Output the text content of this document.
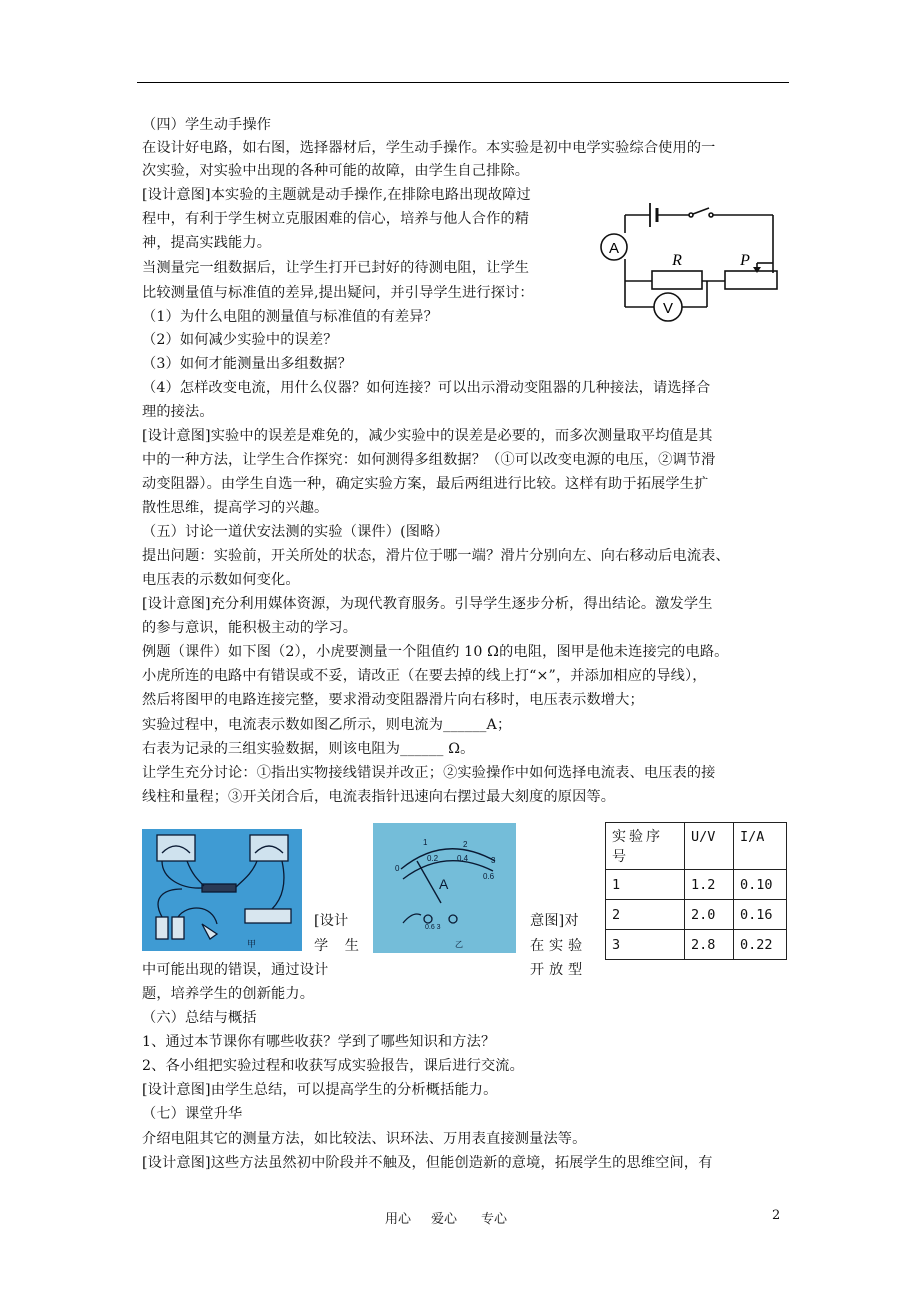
（四）学生动手操作
在设计好电路，如右图，选择器材后，学生动手操作。本实验是初中电学实验综合使用的一
次实验，对实验中出现的各种可能的故障，由学生自己排除。
[设计意图]本实验的主题就是动手操作,在排除电路出现故障过
程中，有利于学生树立克服困难的信心，培养与他人合作的精
神，提高实践能力。
当测量完一组数据后，让学生打开已封好的待测电阻，让学生
比较测量值与标准值的差异,提出疑问，并引导学生进行探讨：
（1）为什么电阻的测量值与标准值的有差异？
（2）如何减少实验中的误差？
（3）如何才能测量出多组数据？
（4）怎样改变电流，用什么仪器？如何连接？可以出示滑动变阻器的几种接法，请选择合
理的接法。
[设计意图]实验中的误差是难免的，减少实验中的误差是必要的，而多次测量取平均值是其
中的一种方法，让学生合作探究：如何测得多组数据？（①可以改变电源的电压，②调节滑
动变阻器）。由学生自选一种，确定实验方案，最后两组进行比较。这样有助于拓展学生扩
散性思维，提高学习的兴趣。
（五）讨论一道伏安法测的实验（课件）(图略）
提出问题：实验前，开关所处的状态，滑片位于哪一端？滑片分别向左、向右移动后电流表、
电压表的示数如何变化。
[设计意图]充分利用媒体资源，为现代教育服务。引导学生逐步分析，得出结论。激发学生
的参与意识，能积极主动的学习。
例题（课件）如下图（2），小虎要测量一个阻值约 10 Ω的电阻，图甲是他未连接完的电路。
小虎所连的电路中有错误或不妥，请改正（在要去掉的线上打“×”，并添加相应的导线），
然后将图甲的电路连接完整，要求滑动变阻器滑片向右移时，电压表示数增大；
实验过程中，电流表示数如图乙所示，则电流为______A；
右表为记录的三组实验数据，则该电阻为______ Ω。
让学生充分讨论：①指出实物接线错误并改正；②实验操作中如何选择电流表、电压表的接
线柱和量程；③开关闭合后，电流表指针迅速向右摆过最大刻度的原因等。
A
V
R	P
甲
0
0.2 0.4
0.6
1	2
3
A
0.6 3
乙
[设计
学 生
意图]对
在 实 验
开 放 型
中可能出现的错误，通过设计
题，培养学生的创新能力。
实验序号	U/V	I/A
1	1.2	0.10
2	2.0	0.16
3	2.8	0.22
（六）总结与概括
1、通过本节课你有哪些收获？学到了哪些知识和方法？
2、各小组把实验过程和收获写成实验报告，课后进行交流。
[设计意图]由学生总结，可以提高学生的分析概括能力。
（七）课堂升华
介绍电阻其它的测量方法，如比较法、识环法、万用表直接测量法等。
[设计意图]这些方法虽然初中阶段并不触及，但能创造新的意境，拓展学生的思维空间，有
用心 爱心 专心	2
